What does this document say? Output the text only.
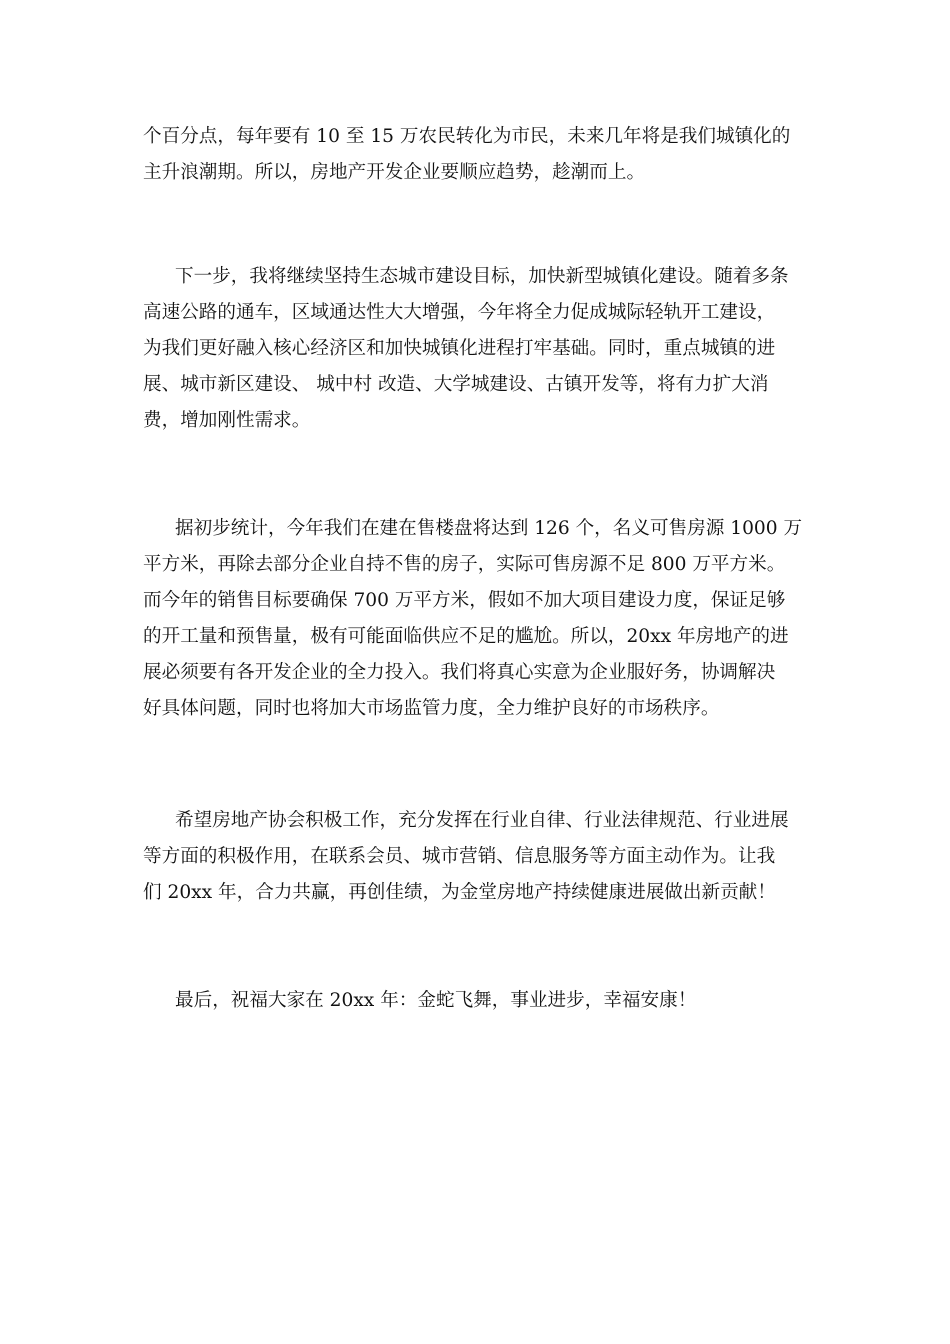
个百分点，每年要有 10 至 15 万农民转化为市民，未来几年将是我们城镇化的
主升浪潮期。所以，房地产开发企业要顺应趋势，趁潮而上。
下一步，我将继续坚持生态城市建设目标，加快新型城镇化建设。随着多条
高速公路的通车，区域通达性大大增强，今年将全力促成城际轻轨开工建设，
为我们更好融入核心经济区和加快城镇化进程打牢基础。同时，重点城镇的进
展、城市新区建设、 城中村 改造、大学城建设、古镇开发等，将有力扩大消
费，增加刚性需求。
据初步统计，今年我们在建在售楼盘将达到 126 个，名义可售房源 1000 万
平方米，再除去部分企业自持不售的房子，实际可售房源不足 800 万平方米。
而今年的销售目标要确保 700 万平方米，假如不加大项目建设力度，保证足够
的开工量和预售量，极有可能面临供应不足的尴尬。所以，20xx 年房地产的进
展必须要有各开发企业的全力投入。我们将真心实意为企业服好务，协调解决
好具体问题，同时也将加大市场监管力度，全力维护良好的市场秩序。
希望房地产协会积极工作，充分发挥在行业自律、行业法律规范、行业进展
等方面的积极作用，在联系会员、城市营销、信息服务等方面主动作为。让我
们 20xx 年，合力共赢，再创佳绩，为金堂房地产持续健康进展做出新贡献！
最后，祝福大家在 20xx 年：金蛇飞舞，事业进步，幸福安康！
